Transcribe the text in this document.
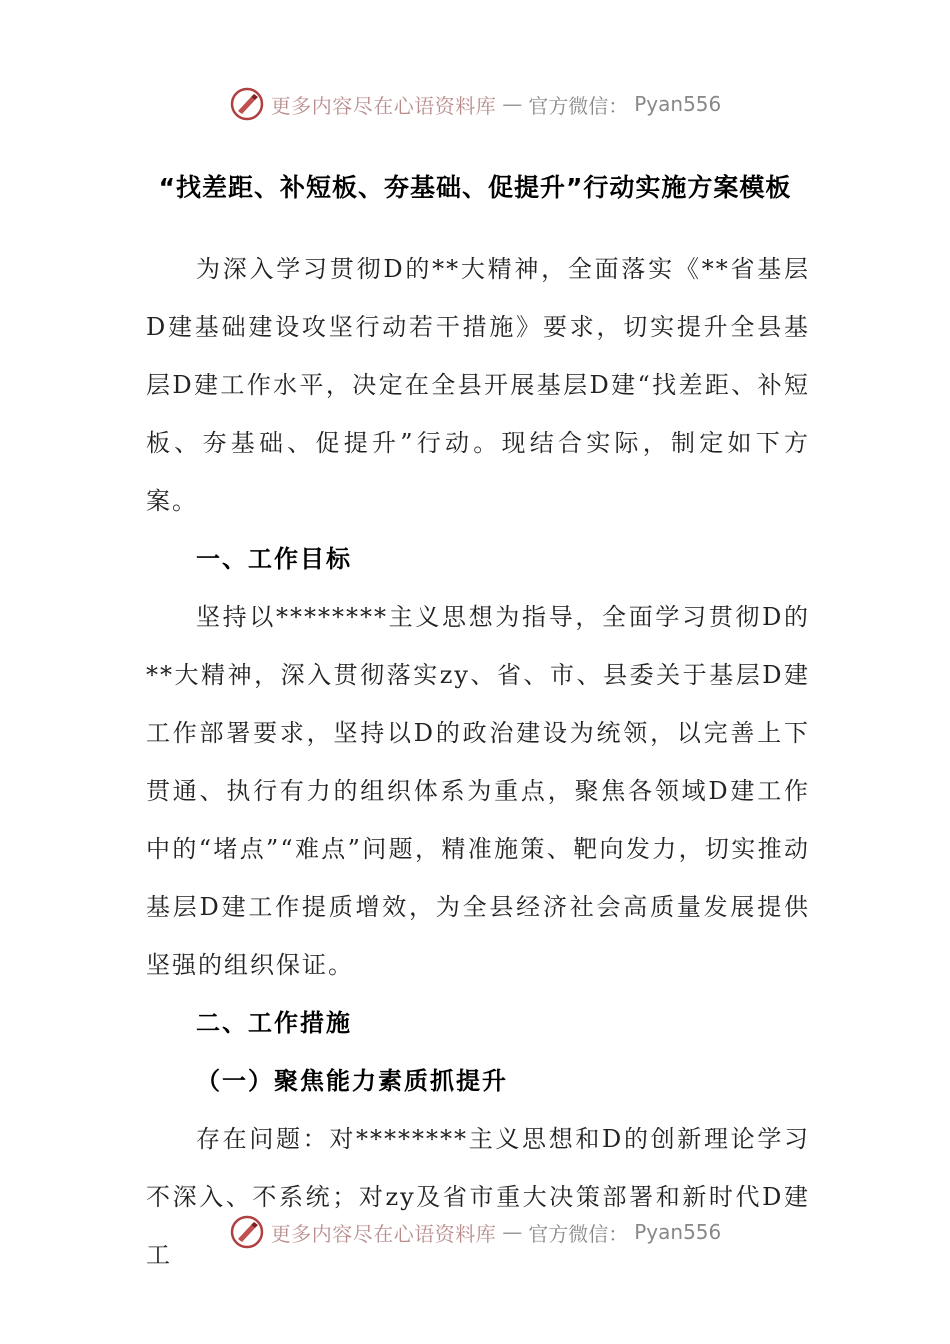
更多内容尽在心语资料库 — 官方微信： Pyan556
“找差距、补短板、夯基础、促提升”行动实施方案模板

为深入学习贯彻D的**大精神，全面落实《**省基层D建基础建设攻坚行动若干措施》要求，切实提升全县基层D建工作水平，决定在全县开展基层D建“找差距、补短板、夯基础、促提升”行动。现结合实际，制定如下方案。

一、工作目标

坚持以********主义思想为指导，全面学习贯彻D的**大精神，深入贯彻落实zy、省、市、县委关于基层D建工作部署要求，坚持以D的政治建设为统领，以完善上下贯通、执行有力的组织体系为重点，聚焦各领域D建工作中的“堵点”“难点”问题，精准施策、靶向发力，切实推动基层D建工作提质增效，为全县经济社会高质量发展提供坚强的组织保证。

二、工作措施

（一）聚焦能力素质抓提升

存在问题：对********主义思想和D的创新理论学习不深入、不系统；对zy及省市重大决策部署和新时代D建工

更多内容尽在心语资料库 — 官方微信： Pyan556
